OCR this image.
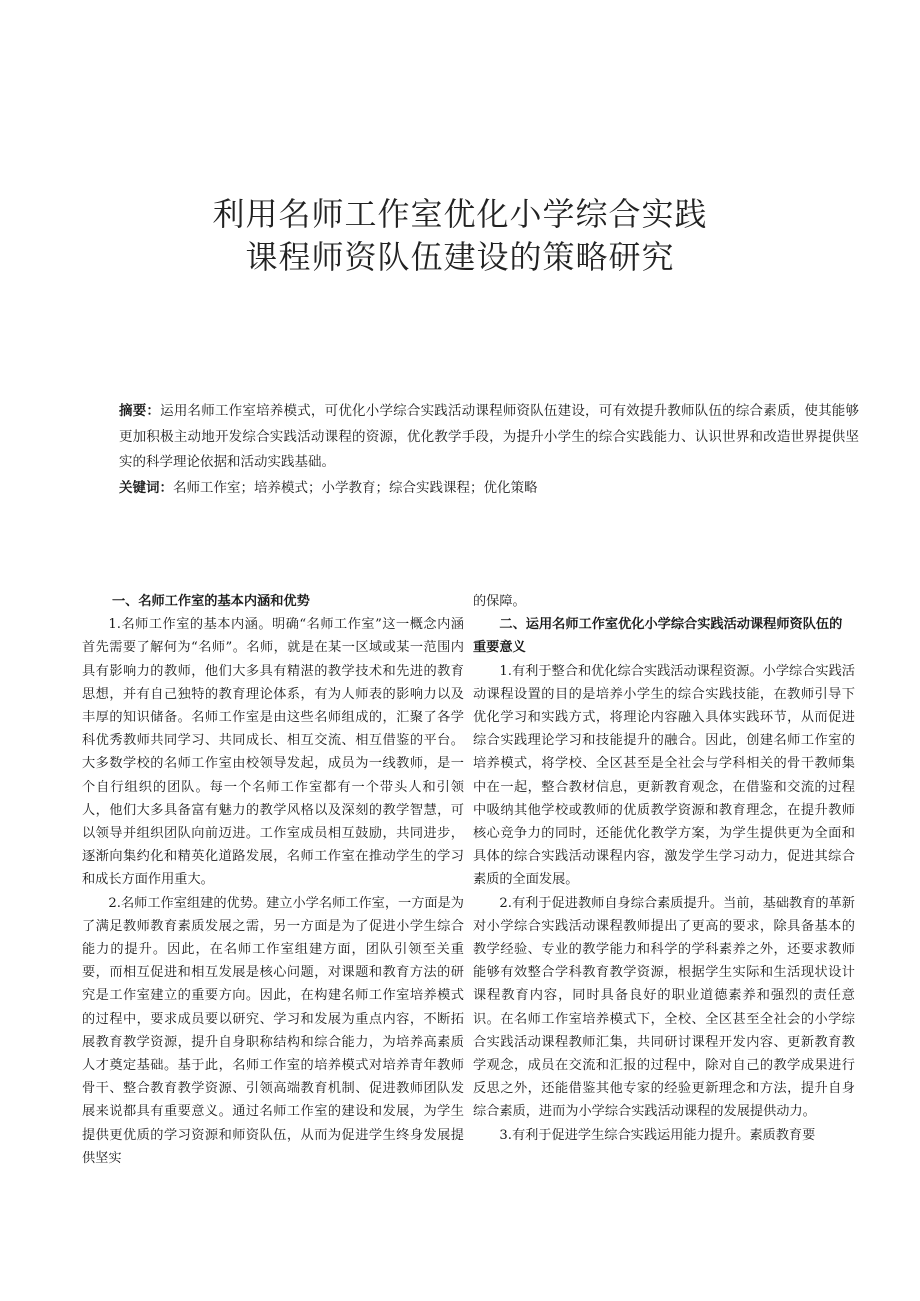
利用名师工作室优化小学综合实践
课程师资队伍建设的策略研究

摘要：运用名师工作室培养模式，可优化小学综合实践活动课程师资队伍建设，可有效提升教师队伍的综合素质，使其能够更加积极主动地开发综合实践活动课程的资源，优化教学手段，为提升小学生的综合实践能力、认识世界和改造世界提供坚实的科学理论依据和活动实践基础。

关键词：名师工作室；培养模式；小学教育；综合实践课程；优化策略

一、名师工作室的基本内涵和优势

1.名师工作室的基本内涵。明确“名师工作室”这一概念内涵首先需要了解何为“名师”。名师，就是在某一区域或某一范围内具有影响力的教师，他们大多具有精湛的教学技术和先进的教育思想，并有自己独特的教育理论体系，有为人师表的影响力以及丰厚的知识储备。名师工作室是由这些名师组成的，汇聚了各学科优秀教师共同学习、共同成长、相互交流、相互借鉴的平台。大多数学校的名师工作室由校领导发起，成员为一线教师，是一个自行组织的团队。每一个名师工作室都有一个带头人和引领人，他们大多具备富有魅力的教学风格以及深刻的教学智慧，可以领导并组织团队向前迈进。工作室成员相互鼓励，共同进步，逐渐向集约化和精英化道路发展，名师工作室在推动学生的学习和成长方面作用重大。

2.名师工作室组建的优势。建立小学名师工作室，一方面是为了满足教师教育素质发展之需，另一方面是为了促进小学生综合能力的提升。因此，在名师工作室组建方面，团队引领至关重要，而相互促进和相互发展是核心问题，对课题和教育方法的研究是工作室建立的重要方向。因此，在构建名师工作室培养模式的过程中，要求成员要以研究、学习和发展为重点内容，不断拓展教育教学资源，提升自身职称结构和综合能力，为培养高素质人才奠定基础。基于此，名师工作室的培养模式对培养青年教师骨干、整合教育教学资源、引领高端教育机制、促进教师团队发展来说都具有重要意义。通过名师工作室的建设和发展，为学生提供更优质的学习资源和师资队伍，从而为促进学生终身发展提供坚实

的保障。

二、运用名师工作室优化小学综合实践活动课程师资队伍的重要意义

1.有利于整合和优化综合实践活动课程资源。小学综合实践活动课程设置的目的是培养小学生的综合实践技能，在教师引导下优化学习和实践方式，将理论内容融入具体实践环节，从而促进综合实践理论学习和技能提升的融合。因此，创建名师工作室的培养模式，将学校、全区甚至是全社会与学科相关的骨干教师集中在一起，整合教材信息，更新教育观念，在借鉴和交流的过程中吸纳其他学校或教师的优质教学资源和教育理念，在提升教师核心竞争力的同时，还能优化教学方案，为学生提供更为全面和具体的综合实践活动课程内容，激发学生学习动力，促进其综合素质的全面发展。

2.有利于促进教师自身综合素质提升。当前，基础教育的革新对小学综合实践活动课程教师提出了更高的要求，除具备基本的教学经验、专业的教学能力和科学的学科素养之外，还要求教师能够有效整合学科教育教学资源，根据学生实际和生活现状设计课程教育内容，同时具备良好的职业道德素养和强烈的责任意识。在名师工作室培养模式下，全校、全区甚至全社会的小学综合实践活动课程教师汇集，共同研讨课程开发内容、更新教育教学观念，成员在交流和汇报的过程中，除对自己的教学成果进行反思之外，还能借鉴其他专家的经验更新理念和方法，提升自身综合素质，进而为小学综合实践活动课程的发展提供动力。

3.有利于促进学生综合实践运用能力提升。素质教育要
